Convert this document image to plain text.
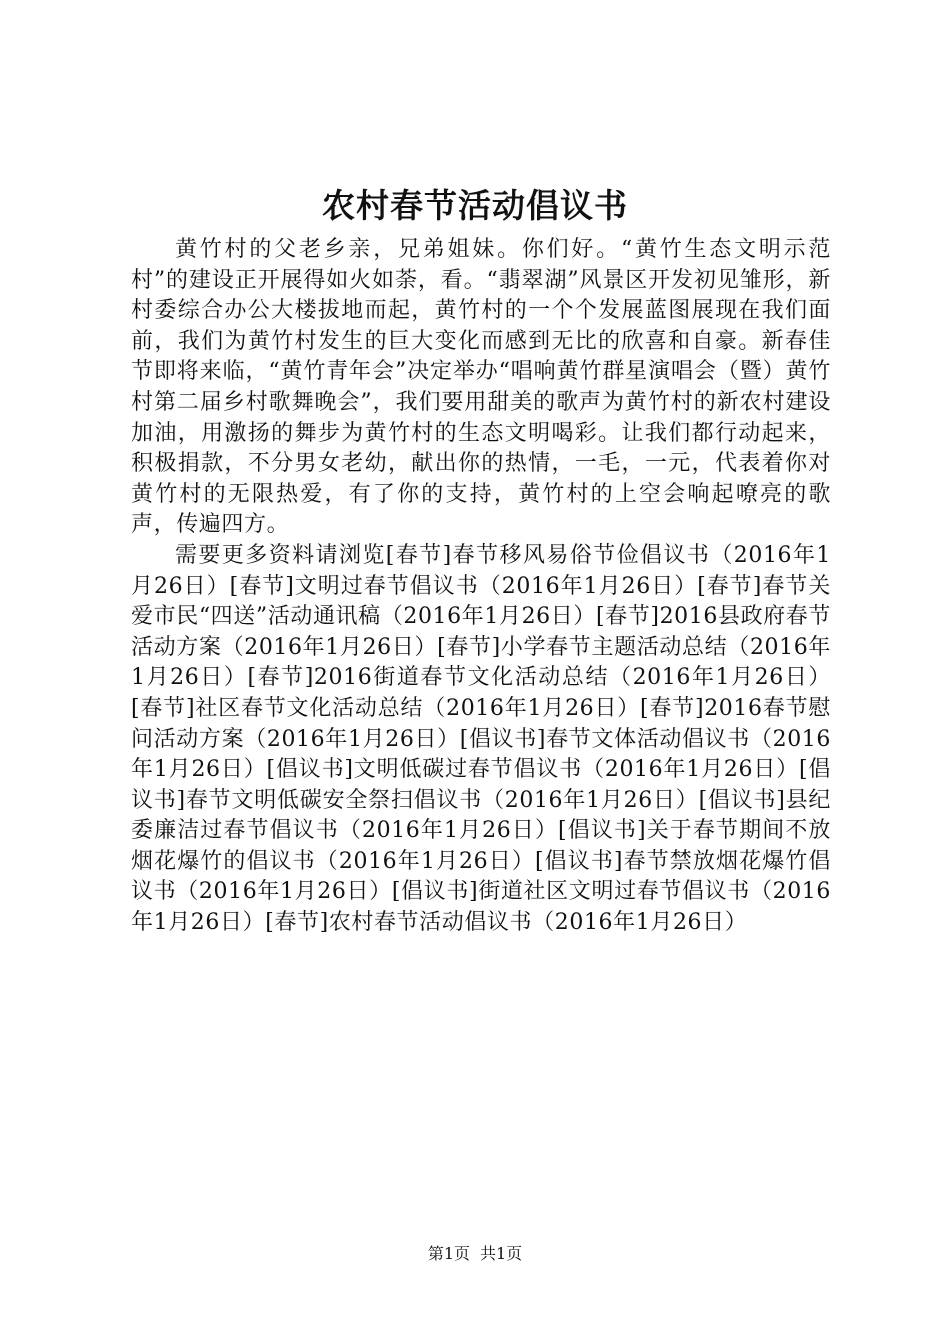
农村春节活动倡议书

黄竹村的父老乡亲，兄弟姐妹。你们好。“黄竹生态文明示范村”的建设正开展得如火如荼，看。“翡翠湖”风景区开发初见雏形，新村委综合办公大楼拔地而起，黄竹村的一个个发展蓝图展现在我们面前，我们为黄竹村发生的巨大变化而感到无比的欣喜和自豪。新春佳节即将来临，“黄竹青年会”决定举办“唱响黄竹群星演唱会（暨）黄竹村第二届乡村歌舞晚会”，我们要用甜美的歌声为黄竹村的新农村建设加油，用激扬的舞步为黄竹村的生态文明喝彩。让我们都行动起来，积极捐款，不分男女老幼，献出你的热情，一毛，一元，代表着你对黄竹村的无限热爱，有了你的支持，黄竹村的上空会响起嘹亮的歌声，传遍四方。

需要更多资料请浏览[春节]春节移风易俗节俭倡议书（2016年1月26日）[春节]文明过春节倡议书（2016年1月26日）[春节]春节关爱市民“四送”活动通讯稿（2016年1月26日）[春节]2016县政府春节活动方案（2016年1月26日）[春节]小学春节主题活动总结（2016年1月26日）[春节]2016街道春节文化活动总结（2016年1月26日）[春节]社区春节文化活动总结（2016年1月26日）[春节]2016春节慰问活动方案（2016年1月26日）[倡议书]春节文体活动倡议书（2016年1月26日）[倡议书]文明低碳过春节倡议书（2016年1月26日）[倡议书]春节文明低碳安全祭扫倡议书（2016年1月26日）[倡议书]县纪委廉洁过春节倡议书（2016年1月26日）[倡议书]关于春节期间不放烟花爆竹的倡议书（2016年1月26日）[倡议书]春节禁放烟花爆竹倡议书（2016年1月26日）[倡议书]街道社区文明过春节倡议书（2016年1月26日）[春节]农村春节活动倡议书（2016年1月26日）

第1页 共1页
